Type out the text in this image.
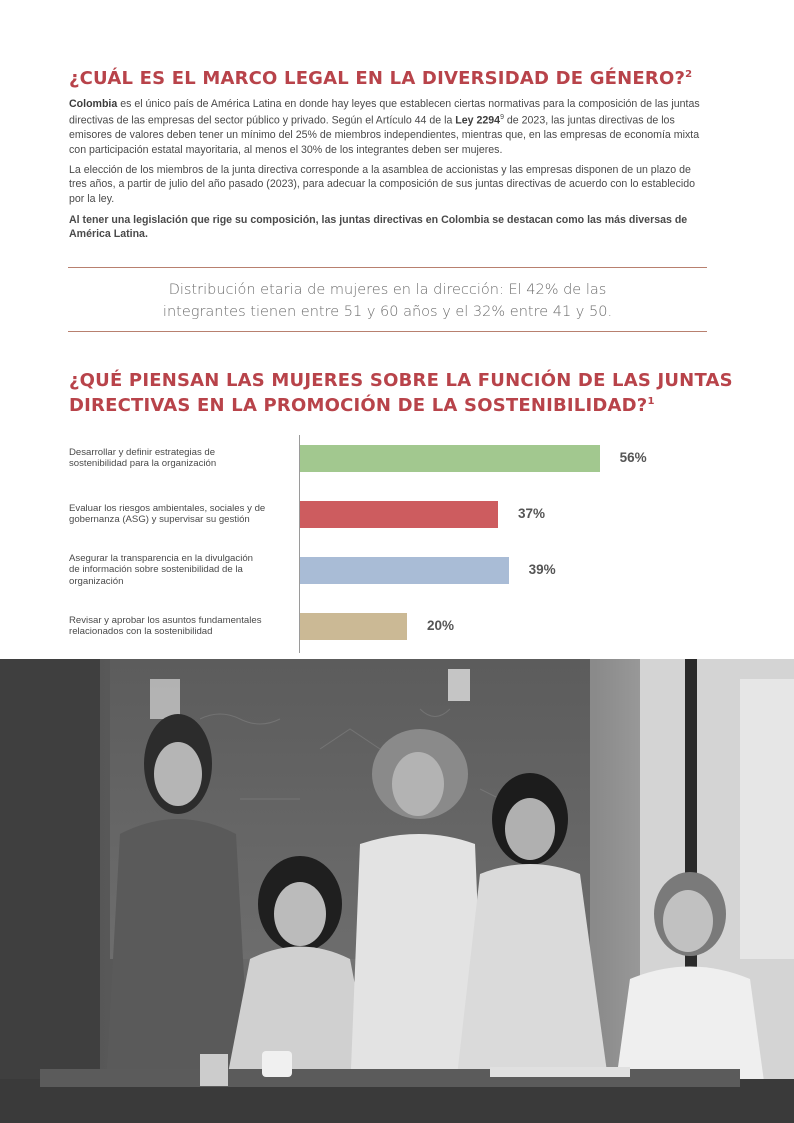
¿CUÁL ES EL MARCO LEGAL EN LA DIVERSIDAD DE GÉNERO?$^2$
Colombia es el único país de América Latina en donde hay leyes que establecen ciertas normativas para la composición de las juntas directivas de las empresas del sector público y privado. Según el Artículo 44 de la Ley 2294$^9$ de 2023, las juntas directivas de los emisores de valores deben tener un mínimo del 25% de miembros independientes, mientras que, en las empresas de economía mixta con participación estatal mayoritaria, al menos el 30% de los integrantes deben ser mujeres.
La elección de los miembros de la junta directiva corresponde a la asamblea de accionistas y las empresas disponen de un plazo de tres años, a partir de julio del año pasado (2023), para adecuar la composición de sus juntas directivas de acuerdo con lo establecido por la ley.
Al tener una legislación que rige su composición, las juntas directivas en Colombia se destacan como las más diversas de América Latina.
Distribución etaria de mujeres en la dirección: El 42% de las
integrantes tienen entre 51 y 60 años y el 32% entre 41 y 50.
¿QUÉ PIENSAN LAS MUJERES SOBRE LA FUNCIÓN DE LAS JUNTAS
DIRECTIVAS EN LA PROMOCIÓN DE LA SOSTENIBILIDAD?$^1$
Desarrollar y definir estrategias de
sostenibilidad para la organización	56%
Evaluar los riesgos ambientales, sociales y de
gobernanza (ASG) y supervisar su gestión	37%
Asegurar la transparencia en la divulgación
de información sobre sostenibilidad de la
organización
39%
Revisar y aprobar los asuntos fundamentales
relacionados con la sostenibilidad	20%
